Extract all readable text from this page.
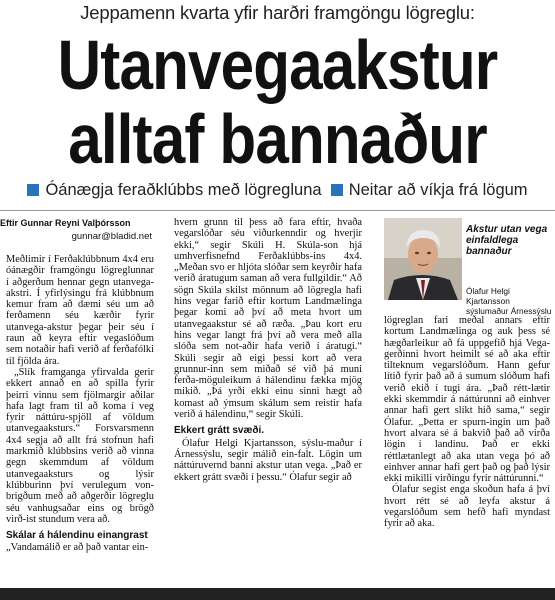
Jeppamenn kvarta yfir harðri framgöngu lögreglu:
Utanvegaakstur
alltaf bannaður
Óánægja feraðklúbbs með lögregluna Neitar að víkja frá lögum
Eftir Gunnar Reyni Valþórsson
gunnar@bladid.net

Meðlimir í Ferðaklúbbnum 4x4 eru óánægðir framgöngu lögreglunnar í aðgerðum hennar gegn utanvega-akstri. Í yfirlýsingu frá klúbbnum kemur fram að dæmi séu um að ferðamenn séu kærðir fyrir utanvega-akstur þegar þeir séu í raun að keyra eftir vegaslóðum sem notaðir hafi verið af ferðafólki til fjölda ára.

„Slík framganga yfirvalda gerir ekkert annað en að spilla fyrir þeirri vinnu sem fjölmargir aðilar hafa lagt fram til að koma í veg fyrir náttúru-spjöll af völdum utanvegaaksturs.“ Forsvarsmenn 4x4 segja að allt frá stofnun hafi markmið klúbbsins verið að vinna gegn skemmdum af völdum utanvegaaksturs og lýsir klúbburinn því verulegum von-brigðum með að aðgerðir lögreglu séu vanhugsaðar eins og brögð virð-ist stundum vera að.

Skálar á hálendinu einangrast

„Vandamálið er að það vantar ein-

hvern grunn til þess að fara eftir, hvaða vegarslóðar séu viðurkenndir og hverjir ekki,“ segir Skúli H. Skúla-son hjá umhverfisnefnd Ferðaklúbbs-ins 4x4. „Meðan svo er hljóta slóðar sem keyrðir hafa verið áratugum saman að vera fullgildir.“ Að sögn Skúla skilst mönnum að lögregla hafi hins vegar farið eftir kortum Landmælinga þegar komi að því að meta hvort um utanvegaakstur sé að ræða. „Þau kort eru hins vegar langt frá því að vera með alla slóða sem not-aðir hafa verið í áratugi.“ Skúli segir að eigi þessi kort að vera grunnur-inn sem miðað sé við þá muni ferða-möguleikum á hálendinu fækka mjög mikið. „Þá yrði ekki einu sinni hægt að komast að ýmsum skálum sem reistir hafa verið á hálendinu,“ segir Skúli.

Ekkert grátt svæði.

Ólafur Helgi Kjartansson, sýslu-maður í Árnessýslu, segir málið ein-falt. Lögin um náttúruvernd banni akstur utan vega. „Það er ekkert grátt svæði í þessu.“ Ólafur segir að

Akstur utan vega einfaldlega bannaður
Ólafur Helgi Kjartansson sýslumaður Árnessýslu

lögreglan fari meðal annars eftir kortum Landmælinga og auk þess sé hægðarleikur að fá uppgefið hjá Vega-gerðinni hvort heimilt sé að aka eftir tilteknum vegarslóðum. Hann gefur lítið fyrir það að á sumum slóðum hafi verið ekið í tugi ára. „Það rétt-lætir ekki skemmdir á náttúrunni að einhver annar hafi gert slíkt hið sama,“ segir Ólafur. „Þetta er spurn-ingin um það hvort alvara sé á bakvið það að virða lögin í landinu. Það er ekki réttlætanlegt að aka utan vega þó að einhver annar hafi gert það og það lýsir ekki mikilli virðingu fyrir náttúrunni.“

Ólafur segist enga skoðun hafa á því hvort rétt sé að leyfa akstur á vegarslóðum sem hefð hafi myndast fyrir að aka.
